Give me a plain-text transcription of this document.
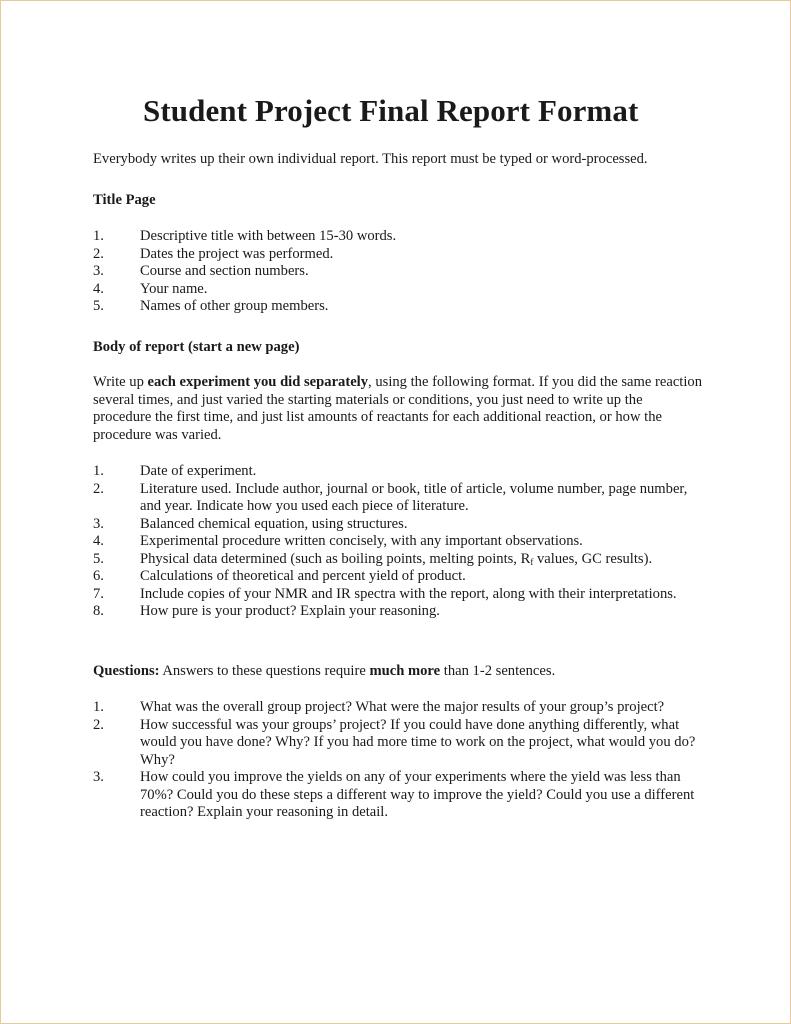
Student Project Final Report Format

Everybody writes up their own individual report. This report must be typed or word-processed.

Title Page

1. Descriptive title with between 15-30 words.
2. Dates the project was performed.
3. Course and section numbers.
4. Your name.
5. Names of other group members.

Body of report (start a new page)

Write up each experiment you did separately, using the following format. If you did the same reaction several times, and just varied the starting materials or conditions, you just need to write up the procedure the first time, and just list amounts of reactants for each additional reaction, or how the procedure was varied.

1. Date of experiment.
2. Literature used. Include author, journal or book, title of article, volume number, page number, and year. Indicate how you used each piece of literature.
3. Balanced chemical equation, using structures.
4. Experimental procedure written concisely, with any important observations.
5. Physical data determined (such as boiling points, melting points, $R_f$ values, GC results).
6. Calculations of theoretical and percent yield of product.
7. Include copies of your NMR and IR spectra with the report, along with their interpretations.
8. How pure is your product? Explain your reasoning.

Questions: Answers to these questions require much more than 1-2 sentences.

1. What was the overall group project? What were the major results of your group’s project?
2. How successful was your groups’ project? If you could have done anything differently, what would you have done? Why? If you had more time to work on the project, what would you do? Why?
3. How could you improve the yields on any of your experiments where the yield was less than 70%? Could you do these steps a different way to improve the yield? Could you use a different reaction? Explain your reasoning in detail.
